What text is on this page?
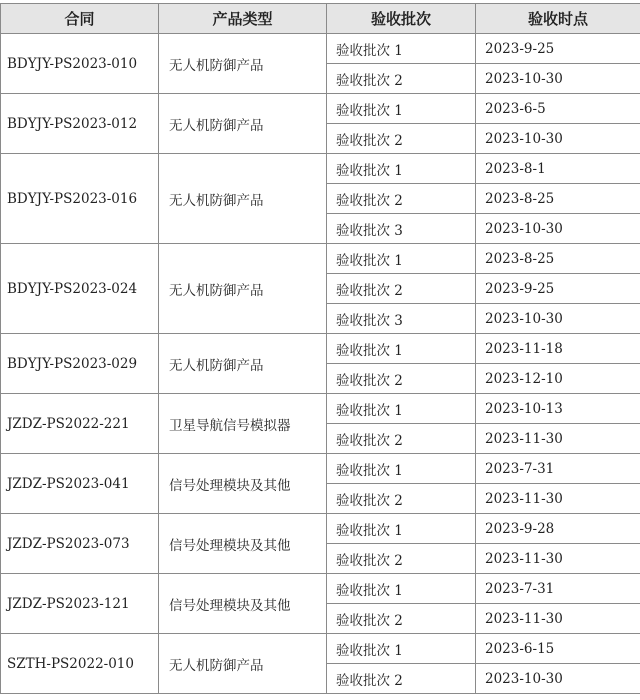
合同	产品类型	验收批次	验收时点
BDYJY-PS2023-010	无人机防御产品	验收批次 1	2023-9-25
		验收批次 2	2023-10-30
BDYJY-PS2023-012	无人机防御产品	验收批次 1	2023-6-5
		验收批次 2	2023-10-30
BDYJY-PS2023-016	无人机防御产品	验收批次 1	2023-8-1
		验收批次 2	2023-8-25
		验收批次 3	2023-10-30
BDYJY-PS2023-024	无人机防御产品	验收批次 1	2023-8-25
		验收批次 2	2023-9-25
		验收批次 3	2023-10-30
BDYJY-PS2023-029	无人机防御产品	验收批次 1	2023-11-18
		验收批次 2	2023-12-10
JZDZ-PS2022-221	卫星导航信号模拟器	验收批次 1	2023-10-13
		验收批次 2	2023-11-30
JZDZ-PS2023-041	信号处理模块及其他	验收批次 1	2023-7-31
		验收批次 2	2023-11-30
JZDZ-PS2023-073	信号处理模块及其他	验收批次 1	2023-9-28
		验收批次 2	2023-11-30
JZDZ-PS2023-121	信号处理模块及其他	验收批次 1	2023-7-31
		验收批次 2	2023-11-30
SZTH-PS2022-010	无人机防御产品	验收批次 1	2023-6-15
		验收批次 2	2023-10-30
